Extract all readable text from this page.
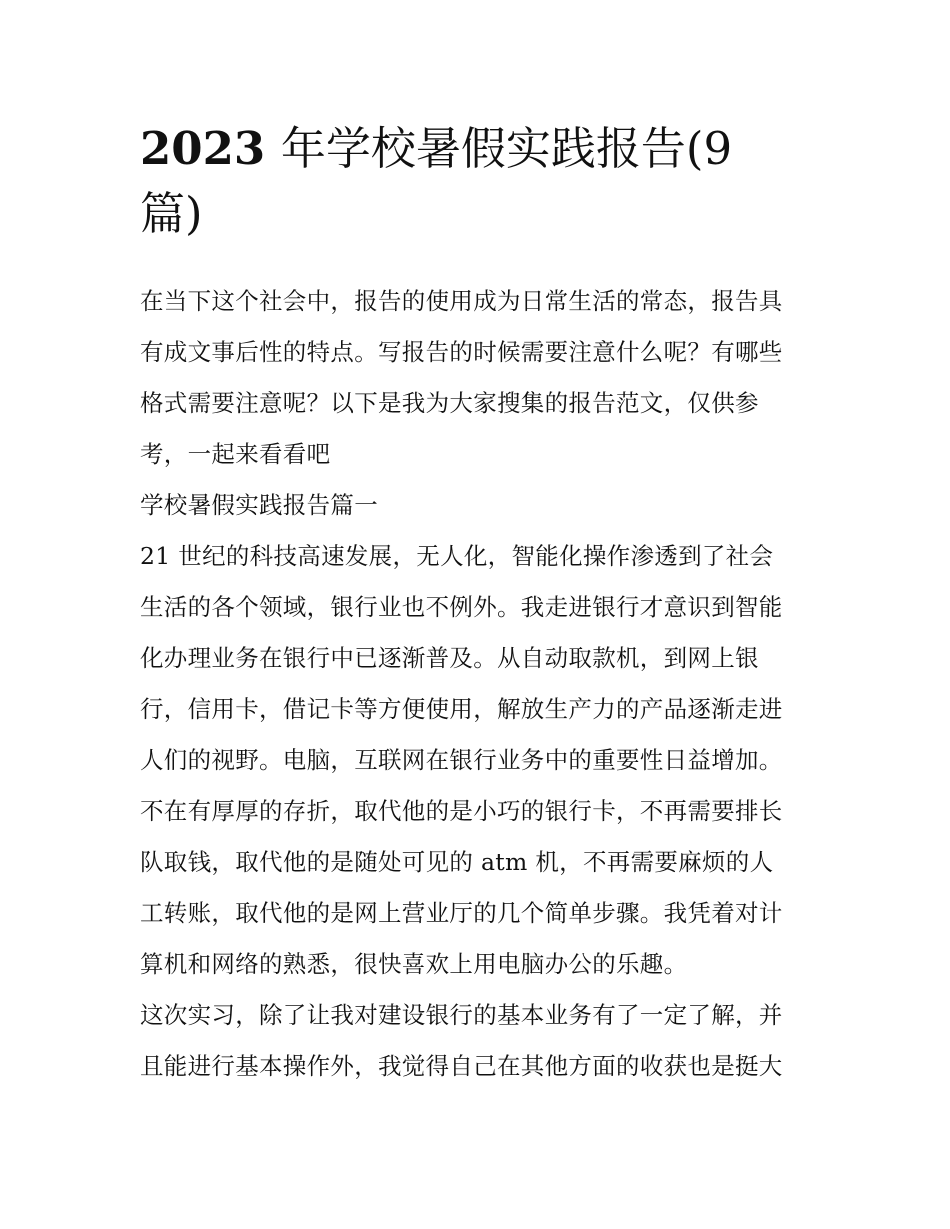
2023 年学校暑假实践报告(9
篇)
在当下这个社会中，报告的使用成为日常生活的常态，报告具
有成文事后性的特点。写报告的时候需要注意什么呢？有哪些
格式需要注意呢？以下是我为大家搜集的报告范文，仅供参
考，一起来看看吧
学校暑假实践报告篇一
21 世纪的科技高速发展，无人化，智能化操作渗透到了社会
生活的各个领域，银行业也不例外。我走进银行才意识到智能
化办理业务在银行中已逐渐普及。从自动取款机，到网上银
行，信用卡，借记卡等方便使用，解放生产力的产品逐渐走进
人们的视野。电脑，互联网在银行业务中的重要性日益增加。
不在有厚厚的存折，取代他的是小巧的银行卡，不再需要排长
队取钱，取代他的是随处可见的 atm 机，不再需要麻烦的人
工转账，取代他的是网上营业厅的几个简单步骤。我凭着对计
算机和网络的熟悉，很快喜欢上用电脑办公的乐趣。
这次实习，除了让我对建设银行的基本业务有了一定了解，并
且能进行基本操作外，我觉得自己在其他方面的收获也是挺大
